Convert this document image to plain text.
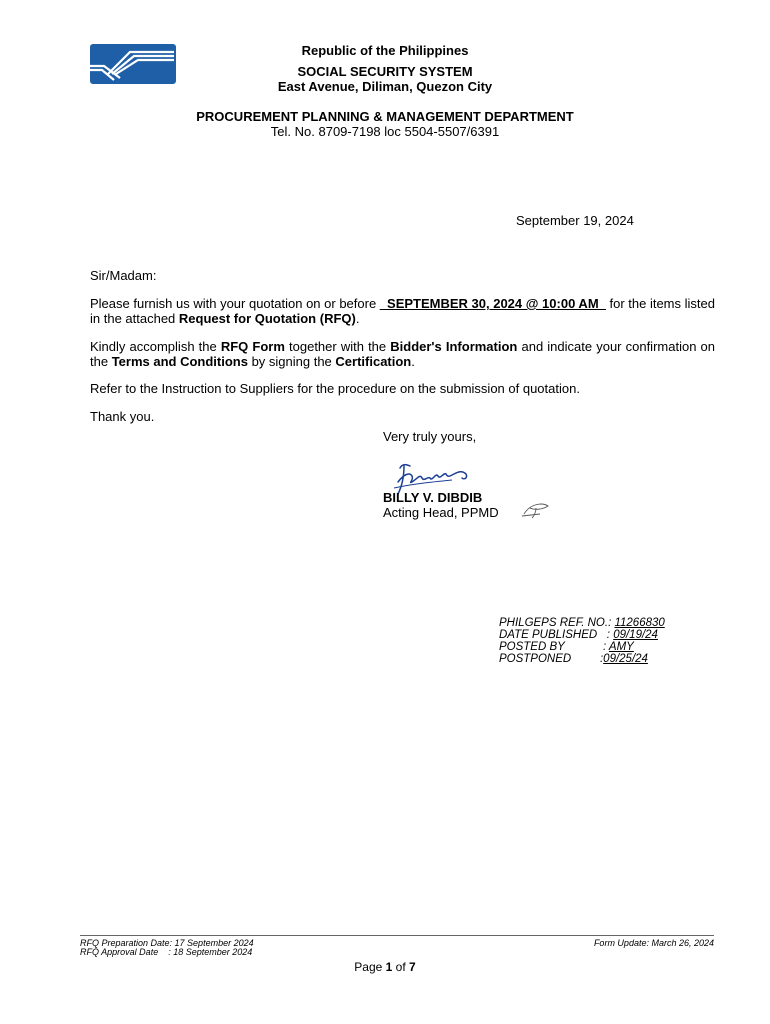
Republic of the Philippines
SOCIAL SECURITY SYSTEM
East Avenue, Diliman, Quezon City
PROCUREMENT PLANNING & MANAGEMENT DEPARTMENT
Tel. No. 8709-7198 loc 5504-5507/6391
September 19, 2024
Sir/Madam:
Please furnish us with your quotation on or before _SEPTEMBER 30, 2024 @ 10:00 AM_ for the items listed in the attached Request for Quotation (RFQ).
Kindly accomplish the RFQ Form together with the Bidder's Information and indicate your confirmation on the Terms and Conditions by signing the Certification.
Refer to the Instruction to Suppliers for the procedure on the submission of quotation.
Thank you.
Very truly yours,
BILLY V. DIBDIB
Acting Head, PPMD
PHILGEPS REF. NO.: 11266830
DATE PUBLISHED   : 09/19/24
POSTED BY            : AMY
POSTPONED         :09/25/24
RFQ Preparation Date: 17 September 2024
RFQ Approval Date    : 18 September 2024
Form Update: March 26, 2024
Page 1 of 7
